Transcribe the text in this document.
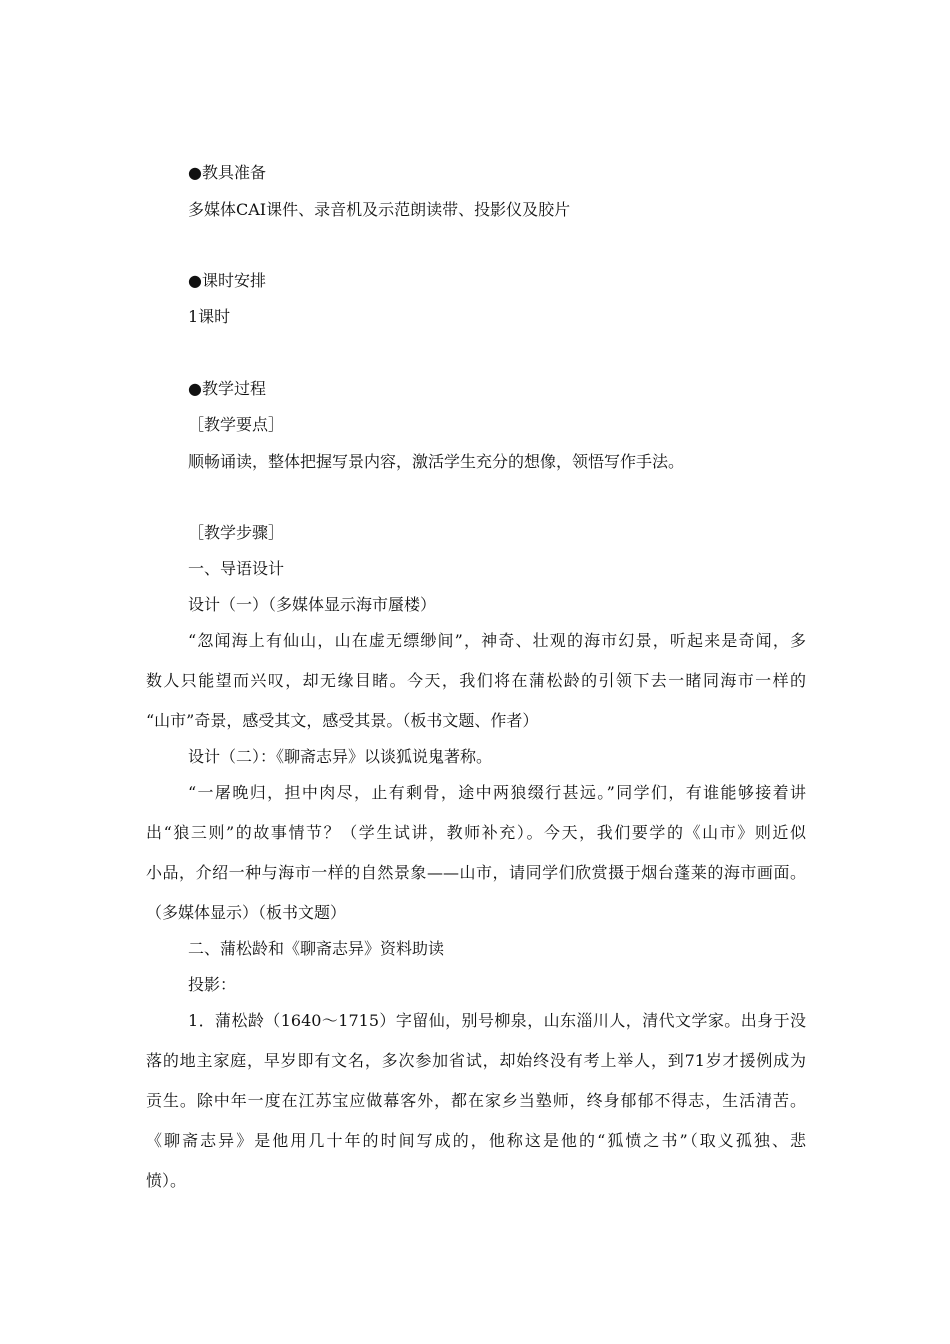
●教具准备
多媒体CAI课件、录音机及示范朗读带、投影仪及胶片
●课时安排
1课时
●教学过程
［教学要点］
顺畅诵读，整体把握写景内容，激活学生充分的想像，领悟写作手法。
［教学步骤］
一、导语设计
设计（一）（多媒体显示海市蜃楼）
“忽闻海上有仙山，山在虚无缥缈间”，神奇、壮观的海市幻景，听起来是奇闻，多
数人只能望而兴叹，却无缘目睹。今天，我们将在蒲松龄的引领下去一睹同海市一样的
“山市”奇景，感受其文，感受其景。（板书文题、作者）
设计（二）：《聊斋志异》以谈狐说鬼著称。
“一屠晚归，担中肉尽，止有剩骨，途中两狼缀行甚远。”同学们，有谁能够接着讲
出“狼三则”的故事情节？（学生试讲，教师补充）。今天，我们要学的《山市》则近似
小品，介绍一种与海市一样的自然景象——山市，请同学们欣赏摄于烟台蓬莱的海市画面。
（多媒体显示）（板书文题）
二、蒲松龄和《聊斋志异》资料助读
投影：
1．蒲松龄（1640～1715）字留仙，别号柳泉，山东淄川人，清代文学家。出身于没
落的地主家庭，早岁即有文名，多次参加省试，却始终没有考上举人，到71岁才援例成为
贡生。除中年一度在江苏宝应做幕客外，都在家乡当塾师，终身郁郁不得志，生活清苦。
《聊斋志异》是他用几十年的时间写成的，他称这是他的“狐愤之书”（取义孤独、悲
愤）。
